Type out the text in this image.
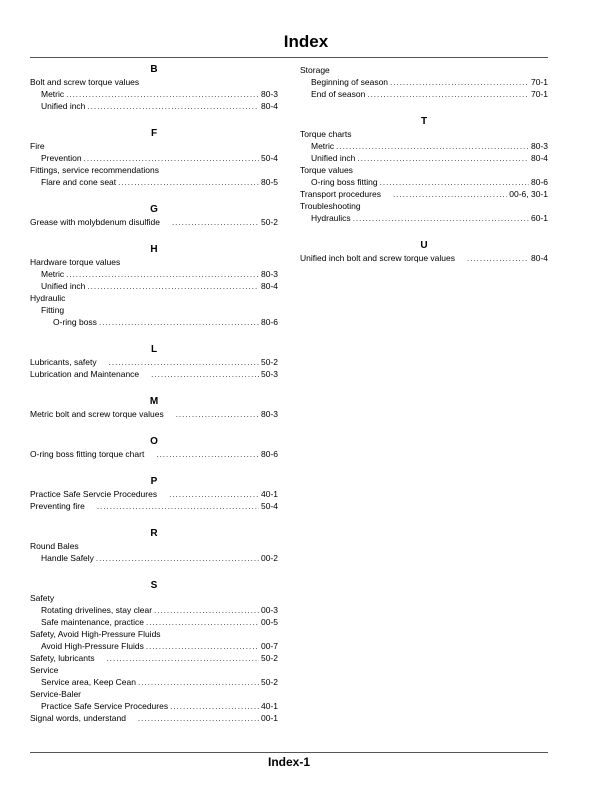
Index
B
Bolt and screw torque values
Metric .....	80-3
Unified inch .....	80-4
F
Fire
Prevention .....	50-4
Fittings, service recommendations
Flare and cone seat .....	80-5
G
Grease with molybdenum disulfide .....	50-2
H
Hardware torque values
Metric .....	80-3
Unified inch .....	80-4
Hydraulic
Fitting
O-ring boss .....	80-6
L
Lubricants, safety .....	50-2
Lubrication and Maintenance .....	50-3
M
Metric bolt and screw torque values .....	80-3
O
O-ring boss fitting torque chart .....	80-6
P
Practice Safe Servcie Procedures .....	40-1
Preventing fire .....	50-4
R
Round Bales
Handle Safely .....	00-2
S
Safety
Rotating drivelines, stay clear .....	00-3
Safe maintenance, practice .....	00-5
Safety, Avoid High-Pressure Fluids
Avoid High-Pressure Fluids .....	00-7
Safety, lubricants .....	50-2
Service
Service area, Keep Cean .....	50-2
Service-Baler
Practice Safe Service Procedures .....	40-1
Signal words, understand .....	00-1
Storage
Beginning of season .....	70-1
End of season .....	70-1
T
Torque charts
Metric .....	80-3
Unified inch .....	80-4
Torque values
O-ring boss fitting .....	80-6
Transport procedures .....	00-6, 30-1
Troubleshooting
Hydraulics .....	60-1
U
Unified inch bolt and screw torque values .....	80-4
Index-1
